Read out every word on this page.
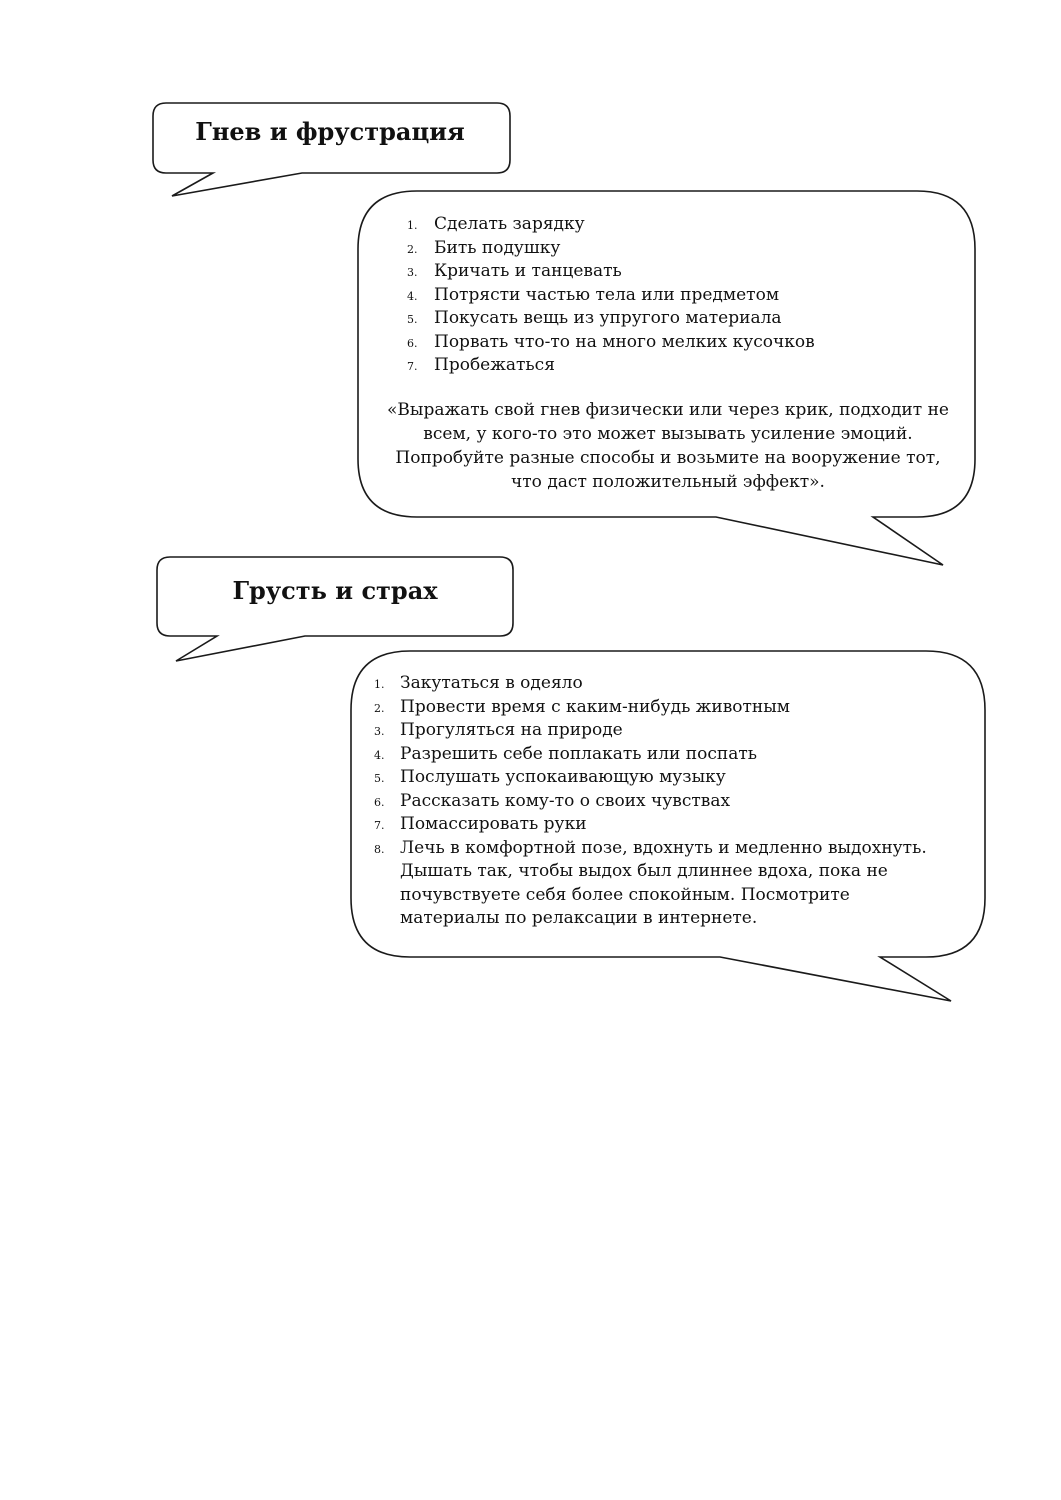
Гнев и фрустрация
1. Сделать зарядку
2. Бить подушку
3. Кричать и танцевать
4. Потрясти частью тела или предметом
5. Покусать вещь из упругого материала
6. Порвать что-то на много мелких кусочков
7. Пробежаться

«Выражать свой гнев физически или через крик, подходит не всем, у кого-то это может вызывать усиление эмоций. Попробуйте разные способы и возьмите на вооружение тот, что даст положительный эффект».

Грусть и страх
1. Закутаться в одеяло
2. Провести время с каким-нибудь животным
3. Прогуляться на природе
4. Разрешить себе поплакать или поспать
5. Послушать успокаивающую музыку
6. Рассказать кому-то о своих чувствах
7. Помассировать руки
8. Лечь в комфортной позе, вдохнуть и медленно выдохнуть. Дышать так, чтобы выдох был длиннее вдоха, пока не почувствуете себя более спокойным. Посмотрите материалы по релаксации в интернете.
